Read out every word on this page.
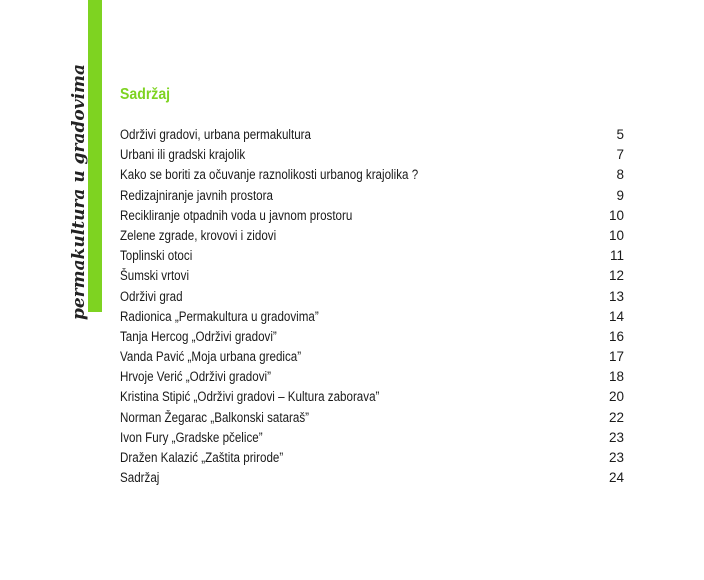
permakultura u gradovima Sadržaj
Održivi gradovi, urbana permakultura	5
Urbani ili gradski krajolik	7
Kako se boriti za očuvanje raznolikosti urbanog krajolika ?	8
Redizajniranje javnih prostora	9
Recikliranje otpadnih voda u javnom prostoru	10
Zelene zgrade, krovovi i zidovi	10
Toplinski otoci	11
Šumski vrtovi	12
Održivi grad	13
Radionica „Permakultura u gradovima”	14
Tanja Hercog „Održivi gradovi”	16
Vanda Pavić „Moja urbana gredica”	17
Hrvoje Verić „Održivi gradovi”	18
Kristina Stipić „Održivi gradovi – Kultura zaborava”	20
Norman Žegarac „Balkonski sataraš”	22
Ivon Fury „Gradske pčelice”	23
Dražen Kalazić „Zaštita prirode”	23
Sadržaj	24
